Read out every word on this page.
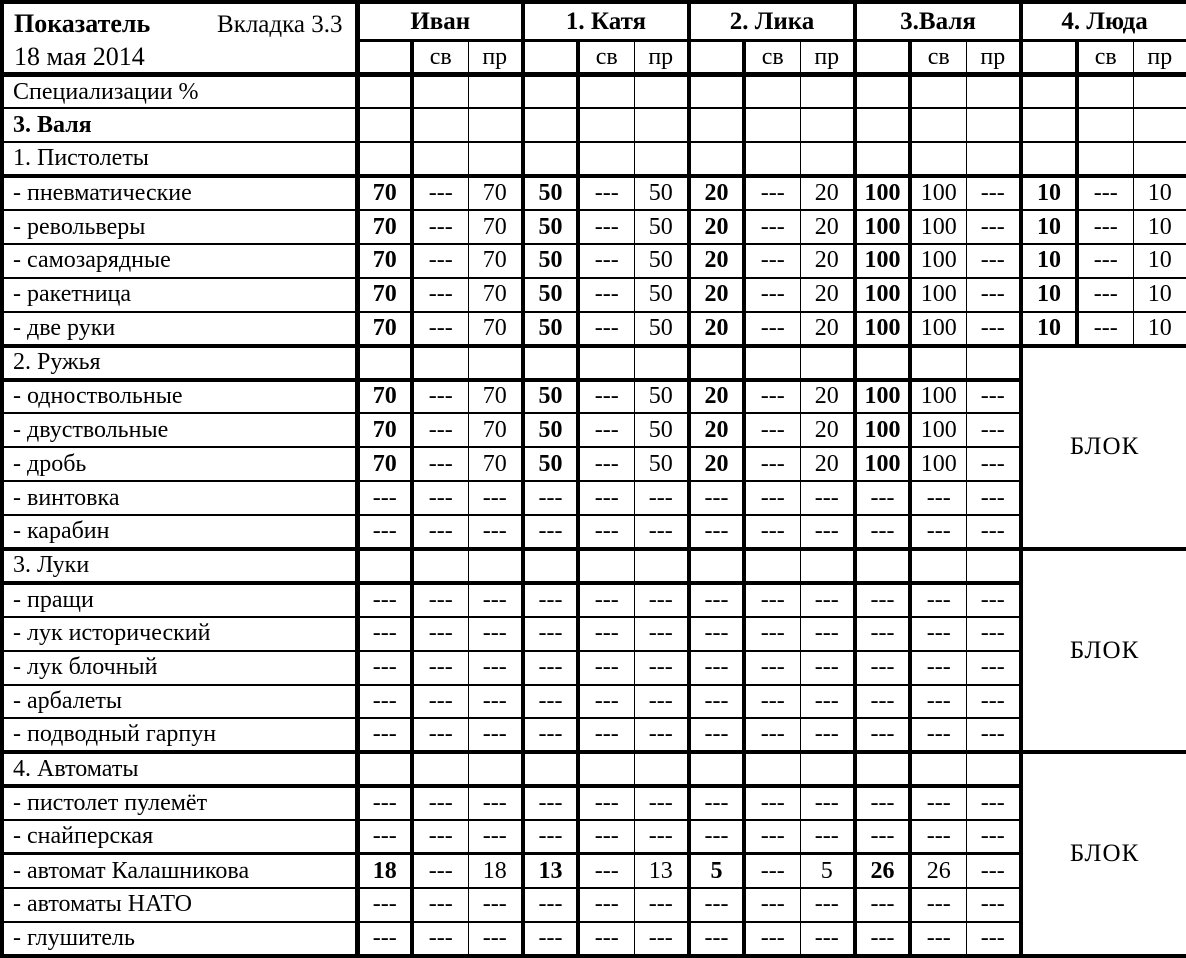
Показатель Вкладка 3.3
18 мая 2014	Иван			1. Катя			2. Лика			3.Валя			4. Люда		
		св	пр		св	пр		св	пр		св	пр		св	пр
Специализации %															
3. Валя															
1. Пистолеты															
- пневматические	70	---	70	50	---	50	20	---	20	100	100	---	10	---	10
- револьверы	70	---	70	50	---	50	20	---	20	100	100	---	10	---	10
- самозарядные	70	---	70	50	---	50	20	---	20	100	100	---	10	---	10
- ракетница	70	---	70	50	---	50	20	---	20	100	100	---	10	---	10
- две руки	70	---	70	50	---	50	20	---	20	100	100	---	10	---	10
2. Ружья													БЛОК		
- одноствольные	70	---	70	50	---	50	20	---	20	100	100	---			
- двуствольные	70	---	70	50	---	50	20	---	20	100	100	---			
- дробь	70	---	70	50	---	50	20	---	20	100	100	---			
- винтовка	---	---	---	---	---	---	---	---	---	---	---	---			
- карабин	---	---	---	---	---	---	---	---	---	---	---	---			
3. Луки													БЛОК		
- пращи	---	---	---	---	---	---	---	---	---	---	---	---			
- лук исторический	---	---	---	---	---	---	---	---	---	---	---	---			
- лук блочный	---	---	---	---	---	---	---	---	---	---	---	---			
- арбалеты	---	---	---	---	---	---	---	---	---	---	---	---			
- подводный гарпун	---	---	---	---	---	---	---	---	---	---	---	---			
4. Автоматы													БЛОК		
- пистолет пулемёт	---	---	---	---	---	---	---	---	---	---	---	---			
- снайперская	---	---	---	---	---	---	---	---	---	---	---	---			
- автомат Калашникова	18	---	18	13	---	13	5	---	5	26	26	---			
- автоматы НАТО	---	---	---	---	---	---	---	---	---	---	---	---			
- глушитель	---	---	---	---	---	---	---	---	---	---	---	---			
